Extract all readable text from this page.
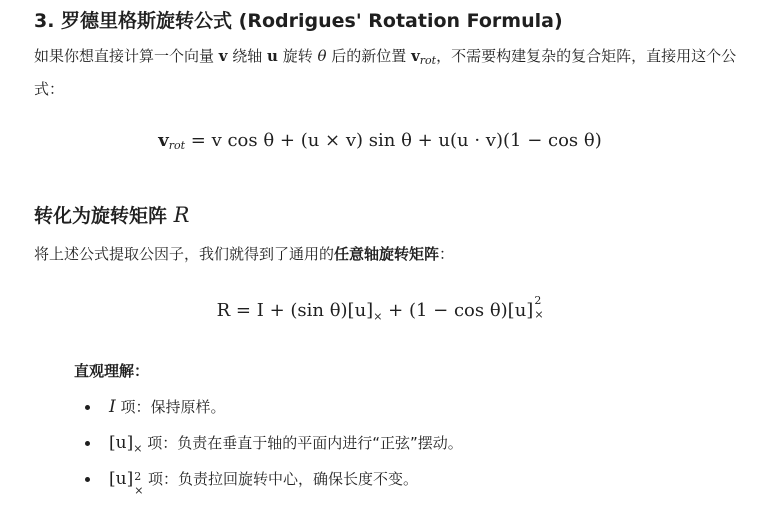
3. 罗德里格斯旋转公式 (Rodrigues' Rotation Formula)
如果你想直接计算一个向量 v 绕轴 u 旋转 θ 后的新位置 $v_{rot}$，不需要构建复杂的复合矩阵，直接用这个公式：
$v_{rot} = v$ cos θ + (u × v) sin θ + u(u · v)(1 − cos θ)
转化为旋转矩阵 R
将上述公式提取公因子，我们就得到了通用的任意轴旋转矩阵：
R = I + (sin $\theta)[u]_\times + (1 - \cos \theta)[u]$ 2
×
直观理解：
I 项：保持原样。
$[u]_\times$ 项：负责在垂直于轴的平面内进行“正弦”摆动。
[u] 2
×
项：负责拉回旋转中心，确保长度不变。
